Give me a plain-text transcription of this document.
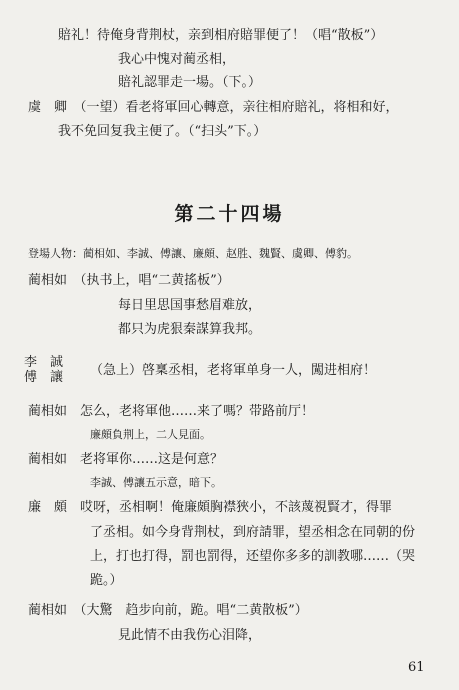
賠礼！待俺身背荆杖，亲到相府賠罪便了！（唱“散板”）
我心中愧对蔺丞相，
賠礼認罪走一場。（下。）
虞　卿　（一望）看老将軍回心轉意，亲往相府賠礼，将相和好，
我不免回复我主便了。（“扫头”下。）
第二十四場
登場人物：蔺相如、李誠、傅讓、廉頗、赵胜、魏賢、虞卿、傅豹。
蔺相如　（执书上，唱“二黄搖板”）
每日里思国事愁眉难放，
都只为虎狠秦謀算我邦。
李　誠
傅　讓 （急上）啓稟丞相，老将軍单身一人，闖进相府！
蔺相如　怎么，老将軍他……来了嗎？带路前厅！
廉頗負荆上，二人見面。
蔺相如　老将軍你……这是何意？
李誠、傅讓五示意，暗下。
廉　頗　哎呀，丞相啊！俺廉頗胸襟狹小，不該蔑視賢才，得罪
了丞相。如今身背荆杖，到府請罪，望丞相念在同朝的份
上，打也打得，罰也罰得，还望你多多的訓教哪……（哭
跪。）
蔺相如　（大驚　趋步向前，跪。唱“二黄散板”）
見此情不由我伤心泪降，
61
